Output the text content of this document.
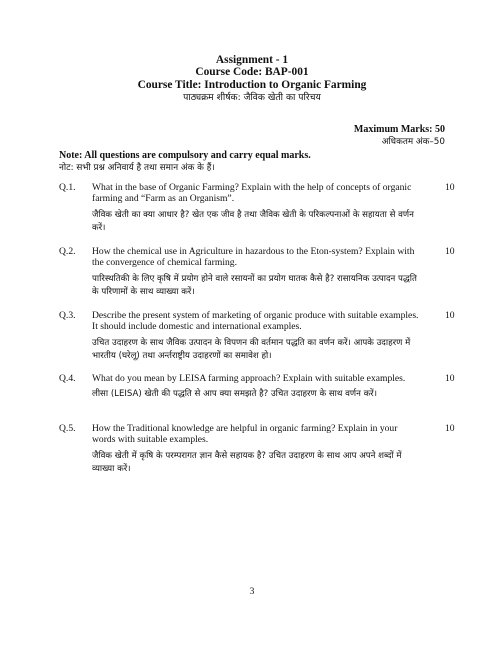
Assignment - 1
Course Code: BAP-001
Course Title: Introduction to Organic Farming
पाठ्यक्रम शीर्षक: जैविक खेती का परिचय
Maximum Marks: 50
अधिकतम अंक–50
Note: All questions are compulsory and carry equal marks.
नोट: सभी प्रश्न अनिवार्य है तथा समान अंक के हैं।
Q.1. What in the base of Organic Farming? Explain with the help of concepts of organic farming and “Farm as an Organism”.
जैविक खेती का क्या आधार है? खेत एक जीव है तथा जैविक खेती के परिकल्पनाओं के सहायता से वर्णन करें।
10
Q.2. How the chemical use in Agriculture in hazardous to the Eton-system? Explain with the convergence of chemical farming.
पारिस्थतिकी के लिए कृषि में प्रयोग होने वाले रसायनों का प्रयोग घातक कैसे है? रासायनिक उत्पादन पद्धति के परिणामों के साथ व्याख्या करें।
10
Q.3. Describe the present system of marketing of organic produce with suitable examples. It should include domestic and international examples.
उचित उदाहरण के साथ जैविक उत्पादन के विपणन की वर्तमान पद्धति का वर्णन करें। आपके उदाहरण में भारतीय (घरेलू) तथा अर्न्तराष्ट्रीय उदाहरणों का समावेश हो।
10
Q.4. What do you mean by LEISA farming approach? Explain with suitable examples.
लीसा (LEISA) खेती की पद्धति से आप क्या समझते है? उचित उदाहरण के साथ वर्णन करें।
10
Q.5. How the Traditional knowledge are helpful in organic farming? Explain in your words with suitable examples.
जैविक खेती में कृषि के परम्परागत ज्ञान कैसे सहायक है? उचित उदाहरण के साथ आप अपने शब्दों में व्याख्या करें।
10
3
